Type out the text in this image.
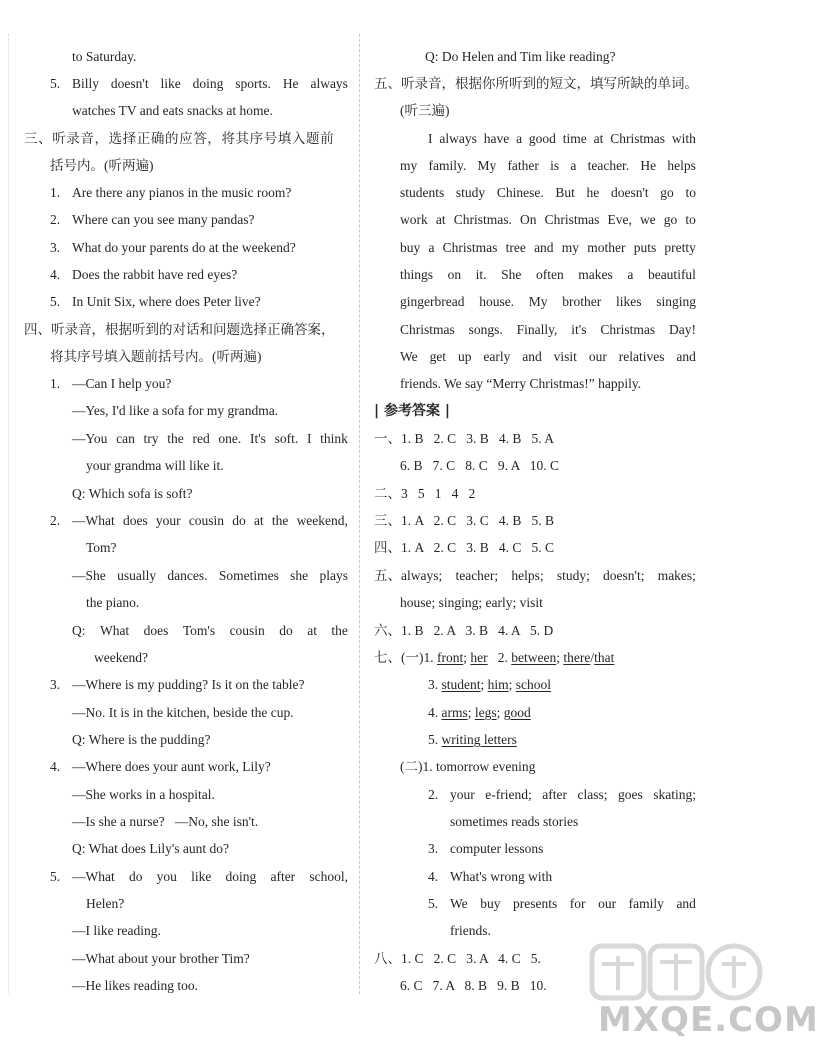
to Saturday.
5. Billy doesn't like doing sports. He always
watches TV and eats snacks at home.
三、听录音，选择正确的应答，将其序号填入题前
括号内。(听两遍)
1. Are there any pianos in the music room?
2. Where can you see many pandas?
3. What do your parents do at the weekend?
4. Does the rabbit have red eyes?
5. In Unit Six, where does Peter live?
四、听录音，根据听到的对话和问题选择正确答案，
将其序号填入题前括号内。(听两遍)
1. —Can I help you?
—Yes, I'd like a sofa for my grandma.
—You can try the red one. It's soft. I think
your grandma will like it.
Q: Which sofa is soft?
2. —What does your cousin do at the weekend,
Tom?
—She usually dances. Sometimes she plays
the piano.
Q: What does Tom's cousin do at the
weekend?
3. —Where is my pudding? Is it on the table?
—No. It is in the kitchen, beside the cup.
Q: Where is the pudding?
4. —Where does your aunt work, Lily?
—She works in a hospital.
—Is she a nurse?   —No, she isn't.
Q: What does Lily's aunt do?
5. —What do you like doing after school,
Helen?
—I like reading.
—What about your brother Tim?
—He likes reading too.
Q: Do Helen and Tim like reading?
五、听录音，根据你所听到的短文，填写所缺的单词。
(听三遍)
I always have a good time at Christmas with
my family. My father is a teacher. He helps
students study Chinese. But he doesn't go to
work at Christmas. On Christmas Eve, we go to
buy a Christmas tree and my mother puts pretty
things on it. She often makes a beautiful
gingerbread house. My brother likes singing
Christmas songs. Finally, it's Christmas Day!
We get up early and visit our relatives and
friends. We say “Merry Christmas!” happily.
| 参考答案 |
一、1. B   2. C   3. B   4. B   5. A
6. B   7. C   8. C   9. A   10. C
二、3   5   1   4   2
三、1. A   2. C   3. C   4. B   5. B
四、1. A   2. C   3. B   4. C   5. C
五、always; teacher; helps; study; doesn't; makes;
house; singing; early; visit
六、1. B   2. A   3. B   4. A   5. D
七、(一)1. front; her 2. between; there/that
3. student; him; school
4. arms; legs; good
5. writing letters
(二)1. tomorrow evening
2. your e-friend; after class; goes skating;
sometimes reads stories
3. computer lessons
4. What's wrong with
5. We buy presents for our family and
friends.
八、1. C   2. C   3. A   4. C   5.
6. C   7. A   8. B   9. B   10.
MXQE.COM
